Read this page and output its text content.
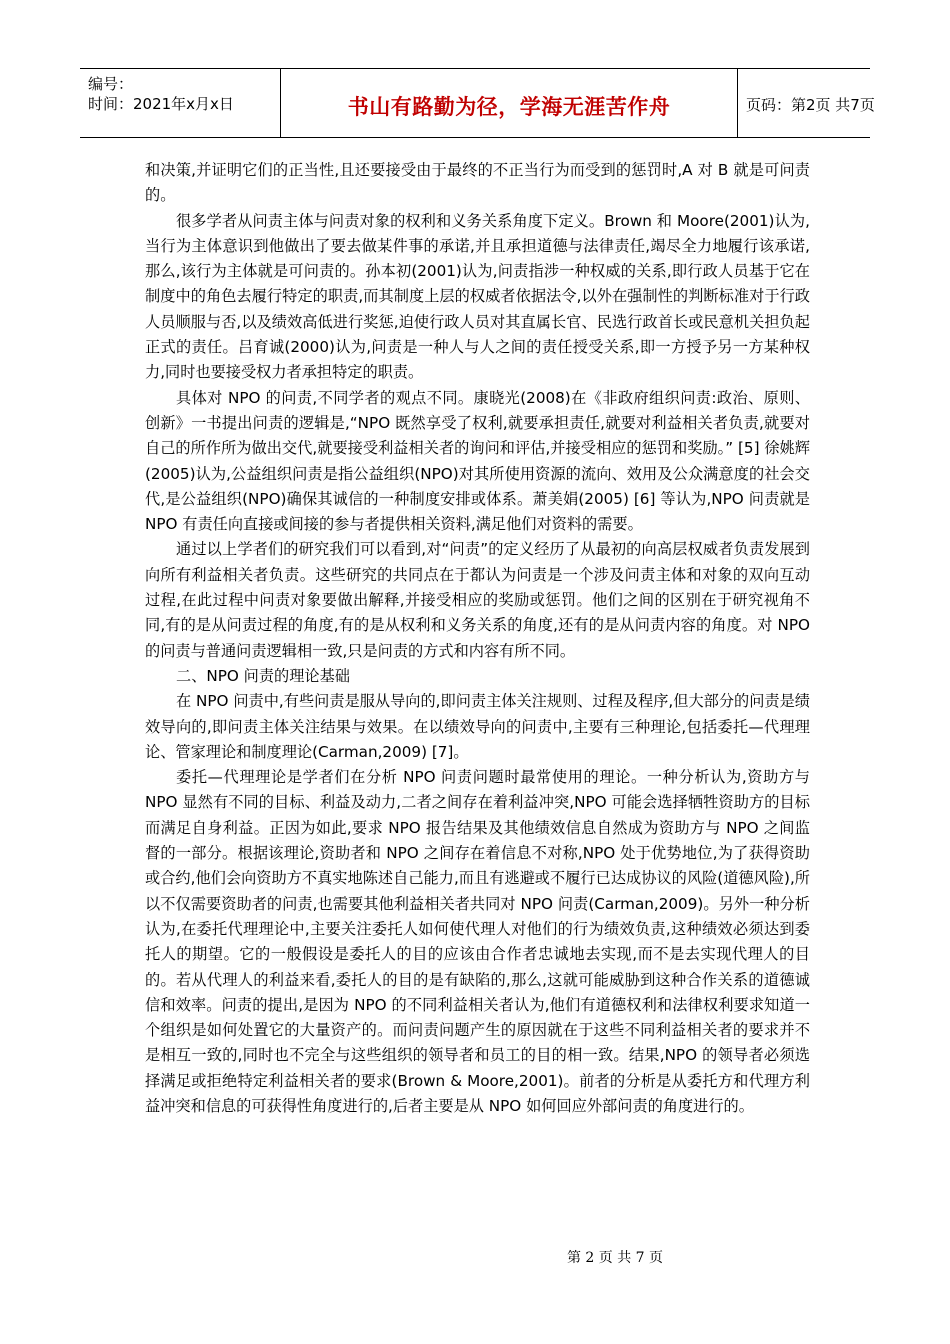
编号：
时间：2021年x月x日	书山有路勤为径，学海无涯苦作舟	页码：第2页 共7页

和决策,并证明它们的正当性,且还要接受由于最终的不正当行为而受到的惩罚时,A 对 B 就是可问责的。

很多学者从问责主体与问责对象的权利和义务关系角度下定义。Brown 和 Moore(2001)认为,当行为主体意识到他做出了要去做某件事的承诺,并且承担道德与法律责任,竭尽全力地履行该承诺,那么,该行为主体就是可问责的。孙本初(2001)认为,问责指涉一种权威的关系,即行政人员基于它在制度中的角色去履行特定的职责,而其制度上层的权威者依据法令,以外在强制性的判断标准对于行政人员顺服与否,以及绩效高低进行奖惩,迫使行政人员对其直属长官、民选行政首长或民意机关担负起正式的责任。吕育诚(2000)认为,问责是一种人与人之间的责任授受关系,即一方授予另一方某种权力,同时也要接受权力者承担特定的职责。

具体对 NPO 的问责,不同学者的观点不同。康晓光(2008)在《非政府组织问责:政治、原则、创新》一书提出问责的逻辑是,“NPO 既然享受了权利,就要承担责任,就要对利益相关者负责,就要对自己的所作所为做出交代,就要接受利益相关者的询问和评估,并接受相应的惩罚和奖励。” [5] 徐姚辉(2005)认为,公益组织问责是指公益组织(NPO)对其所使用资源的流向、效用及公众满意度的社会交代,是公益组织(NPO)确保其诚信的一种制度安排或体系。萧美娟(2005) [6] 等认为,NPO 问责就是 NPO 有责任向直接或间接的参与者提供相关资料,满足他们对资料的需要。

通过以上学者们的研究我们可以看到,对“问责”的定义经历了从最初的向高层权威者负责发展到向所有利益相关者负责。这些研究的共同点在于都认为问责是一个涉及问责主体和对象的双向互动过程,在此过程中问责对象要做出解释,并接受相应的奖励或惩罚。他们之间的区别在于研究视角不同,有的是从问责过程的角度,有的是从权利和义务关系的角度,还有的是从问责内容的角度。对 NPO 的问责与普通问责逻辑相一致,只是问责的方式和内容有所不同。

二、NPO 问责的理论基础

在 NPO 问责中,有些问责是服从导向的,即问责主体关注规则、过程及程序,但大部分的问责是绩效导向的,即问责主体关注结果与效果。在以绩效导向的问责中,主要有三种理论,包括委托—代理理论、管家理论和制度理论(Carman,2009) [7]。

委托—代理理论是学者们在分析 NPO 问责问题时最常使用的理论。一种分析认为,资助方与 NPO 显然有不同的目标、利益及动力,二者之间存在着利益冲突,NPO 可能会选择牺牲资助方的目标而满足自身利益。正因为如此,要求 NPO 报告结果及其他绩效信息自然成为资助方与 NPO 之间监督的一部分。根据该理论,资助者和 NPO 之间存在着信息不对称,NPO 处于优势地位,为了获得资助或合约,他们会向资助方不真实地陈述自己能力,而且有逃避或不履行已达成协议的风险(道德风险),所以不仅需要资助者的问责,也需要其他利益相关者共同对 NPO 问责(Carman,2009)。另外一种分析认为,在委托代理理论中,主要关注委托人如何使代理人对他们的行为绩效负责,这种绩效必须达到委托人的期望。它的一般假设是委托人的目的应该由合作者忠诚地去实现,而不是去实现代理人的目的。若从代理人的利益来看,委托人的目的是有缺陷的,那么,这就可能威胁到这种合作关系的道德诚信和效率。问责的提出,是因为 NPO 的不同利益相关者认为,他们有道德权利和法律权利要求知道一个组织是如何处置它的大量资产的。而问责问题产生的原因就在于这些不同利益相关者的要求并不是相互一致的,同时也不完全与这些组织的领导者和员工的目的相一致。结果,NPO 的领导者必须选择满足或拒绝特定利益相关者的要求(Brown & Moore,2001)。前者的分析是从委托方和代理方利益冲突和信息的可获得性角度进行的,后者主要是从 NPO 如何回应外部问责的角度进行的。

第 2 页 共 7 页
